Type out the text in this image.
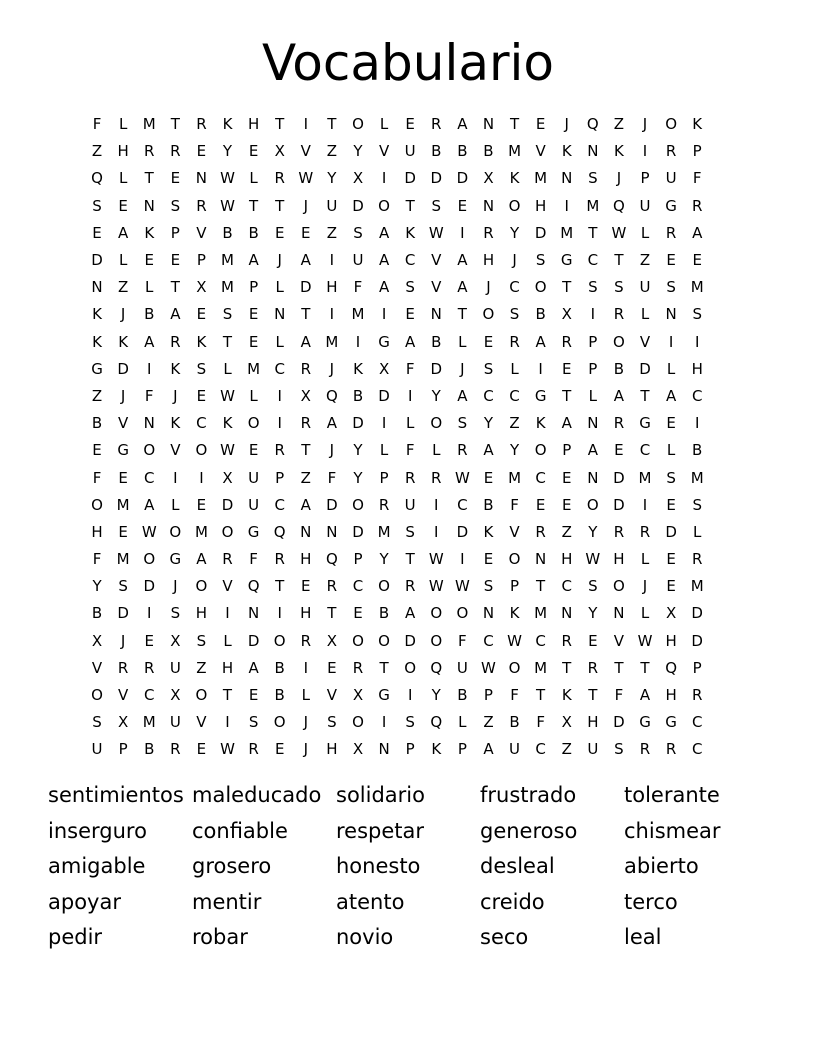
Vocabulario
F	L	M	T	R	K	H	T	I	T	O	L	E	R	A	N	T	E	J	Q	Z	J	O	K
Z	H	R	R	E	Y	E	X	V	Z	Y	V	U	B	B	B M V	K	N	K	I	R	P
Q	L	T	E	N W L	R W Y	X	I	D D D	X	K M N	S	J	P	U	F
S	E	N	S	R W T	T	J	U D O	T	S	E	N O H	I	M Q U G	R
E	A	K	P	V	B	B	E	E	Z	S	A	K W	I	R	Y	D M	T W L	R	A
D	L	E	E	P	M A	J	A	I	U	A	C	V	A	H	J	S	G	C	T	Z	E	E
N	Z	L	T	X M	P	L	D H	F	A	S	V	A	J	C O	T	S	S	U	S M
K	J	B	A	E	S	E	N	T	I	M	I	E	N	T	O	S	B	X	I	R	L	N	S
K	K	A	R	K	T	E	L	A M	I	G	A	B	L	E	R	A	R	P	O	V	I	I
G D	I	K	S	L	M C	R	J	K	X	F	D	J	S	L	I	E	P	B	D	L	H
Z	J	F	J	E W L	I	X	Q	B	D	I	Y	A	C	C	G	T	L	A	T	A	C
B	V	N	K	C	K	O	I	R	A	D	I	L	O	S	Y	Z	K	A	N	R	G	E	I
E	G O	V	O W E	R	T	J	Y	L	F	L	R	A	Y	O	P	A	E	C	L	B
F	E	C	I	I	X	U	P	Z	F	Y	P	R	R W E M C	E	N D M S M
O M A	L	E	D U	C	A	D O R	U	I	C	B	F	E	E	O D	I	E	S
H	E W O M O G Q N N D M S	I	D	K	V	R	Z	Y	R	R	D	L
F	M O G	A	R	F	R	H Q	P	Y	T W	I	E	O N H W H	L	E	R
Y	S	D	J	O	V	Q	T	E	R	C O R W W S	P	T	C	S	O	J	E M
B	D	I	S	H	I	N	I	H	T	E	B	A	O O N	K M N	Y	N	L	X	D
X	J	E	X	S	L	D O R	X	O O D O	F	C W C	R	E	V W H D
V	R	R	U	Z	H	A	B	I	E	R	T	O Q U W O M	T	R	T	T	Q	P
O	V	C	X	O	T	E	B	L	V	X	G	I	Y	B	P	F	T	K	T	F	A	H	R
S	X M U	V	I	S	O	J	S	O	I	S	Q	L	Z	B	F	X	H D G G	C
U	P	B	R	E W R	E	J	H	X	N	P	K	P	A	U	C	Z	U	S	R	R	C
sentimientos maleducado solidario	frustrado	tolerante
inserguro	confiable	respetar	generoso	chismear
amigable	grosero	honesto	desleal	abierto
apoyar	mentir	atento	creido	terco
pedir	robar	novio	seco	leal
